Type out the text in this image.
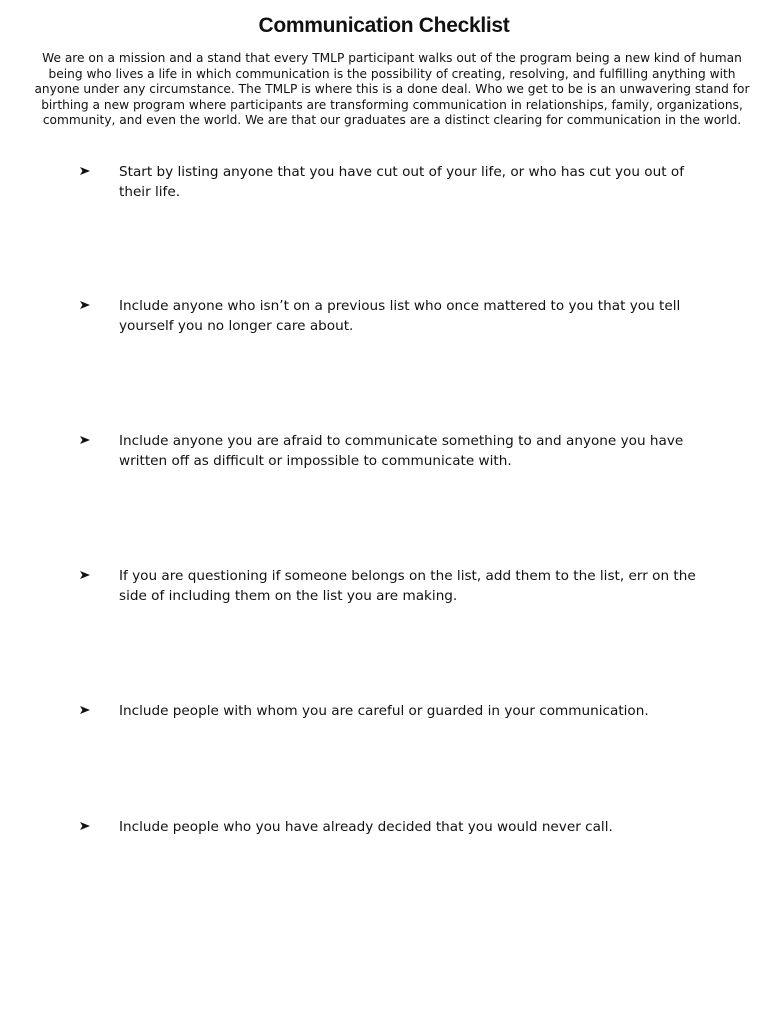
Communication Checklist

We are on a mission and a stand that every TMLP participant walks out of the program being a new kind of human being who lives a life in which communication is the possibility of creating, resolving, and fulfilling anything with anyone under any circumstance. The TMLP is where this is a done deal. Who we get to be is an unwavering stand for birthing a new program where participants are transforming communication in relationships, family, organizations, community, and even the world. We are that our graduates are a distinct clearing for communication in the world.

Start by listing anyone that you have cut out of your life, or who has cut you out of their life.

Include anyone who isn’t on a previous list who once mattered to you that you tell yourself you no longer care about.

Include anyone you are afraid to communicate something to and anyone you have written off as difficult or impossible to communicate with.

If you are questioning if someone belongs on the list, add them to the list, err on the side of including them on the list you are making.

Include people with whom you are careful or guarded in your communication.

Include people who you have already decided that you would never call.
